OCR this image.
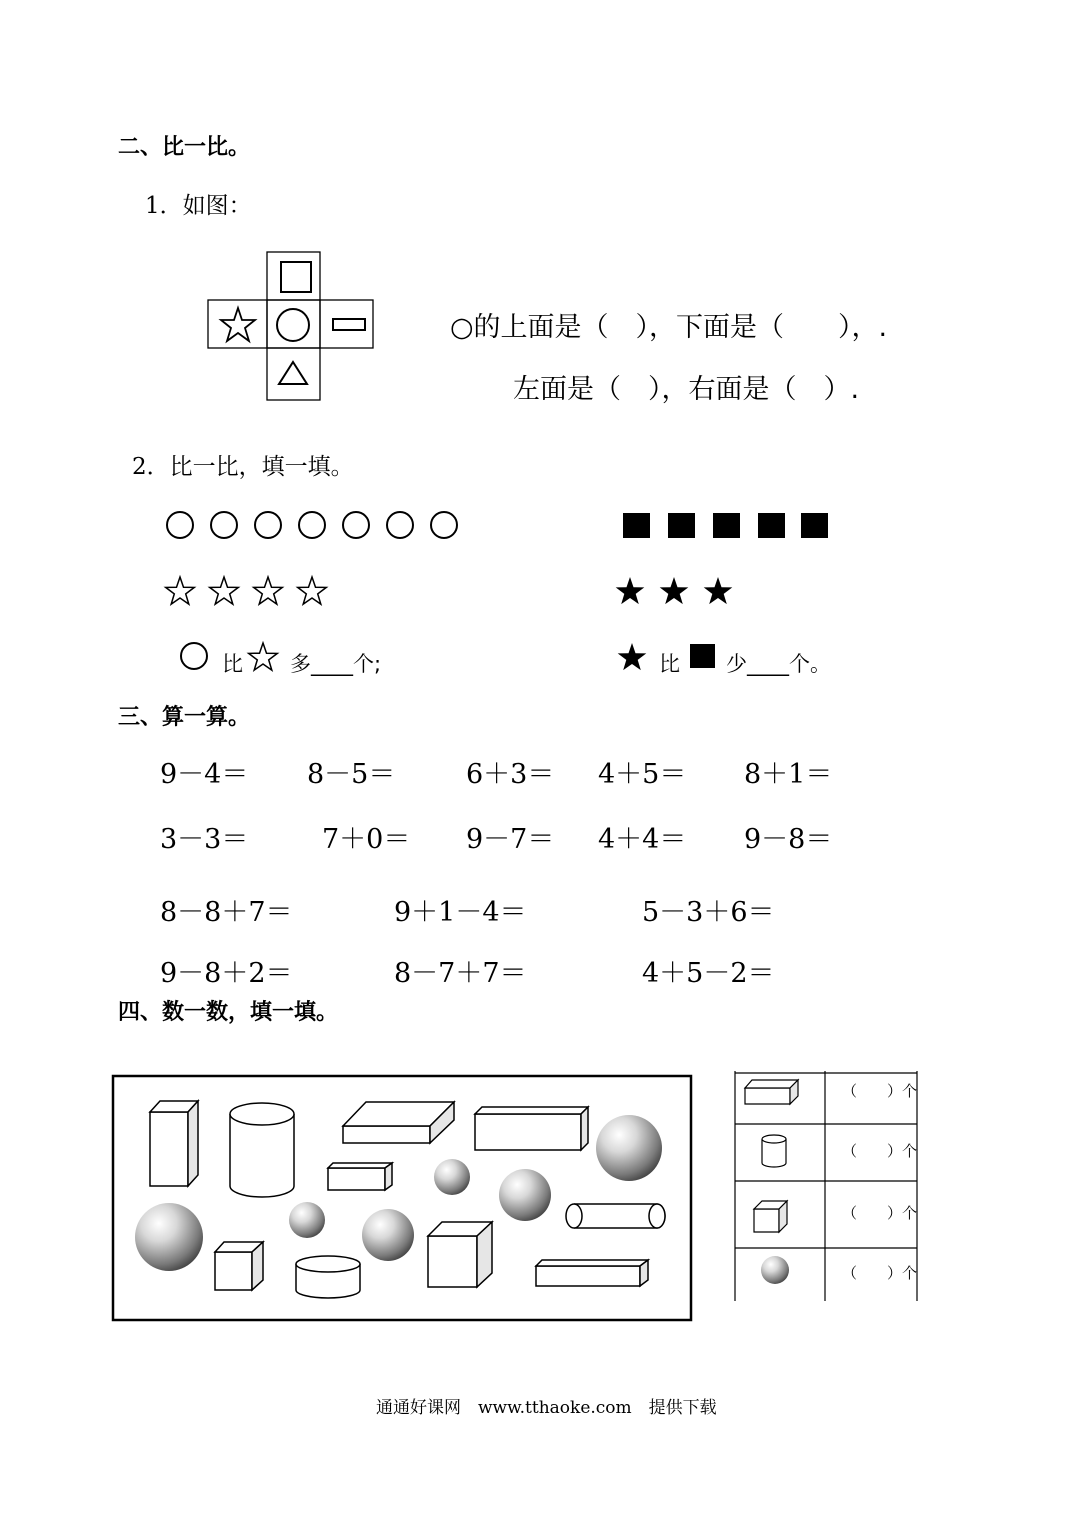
二、比一比。
1．如图：
○的上面是（　），下面是（　　），.
左面是（　），右面是（　）.
2．比一比，填一填。
比 多____个;	比 少____个。
三、算一算。
9－4＝ 8－5＝	6＋3＝ 4＋5＝ 8＋1＝
3－3＝	7＋0＝ 9－7＝ 4＋4＝ 9－8＝
8－8＋7＝	9＋1－4＝	5－3＋6＝
9－8＋2＝	8－7＋7＝	4＋5－2＝
四、数一数，填一填。
（　　）个
（　　）个
（　　）个
（　　）个
通通好课网　www.tthaoke.com　提供下载
